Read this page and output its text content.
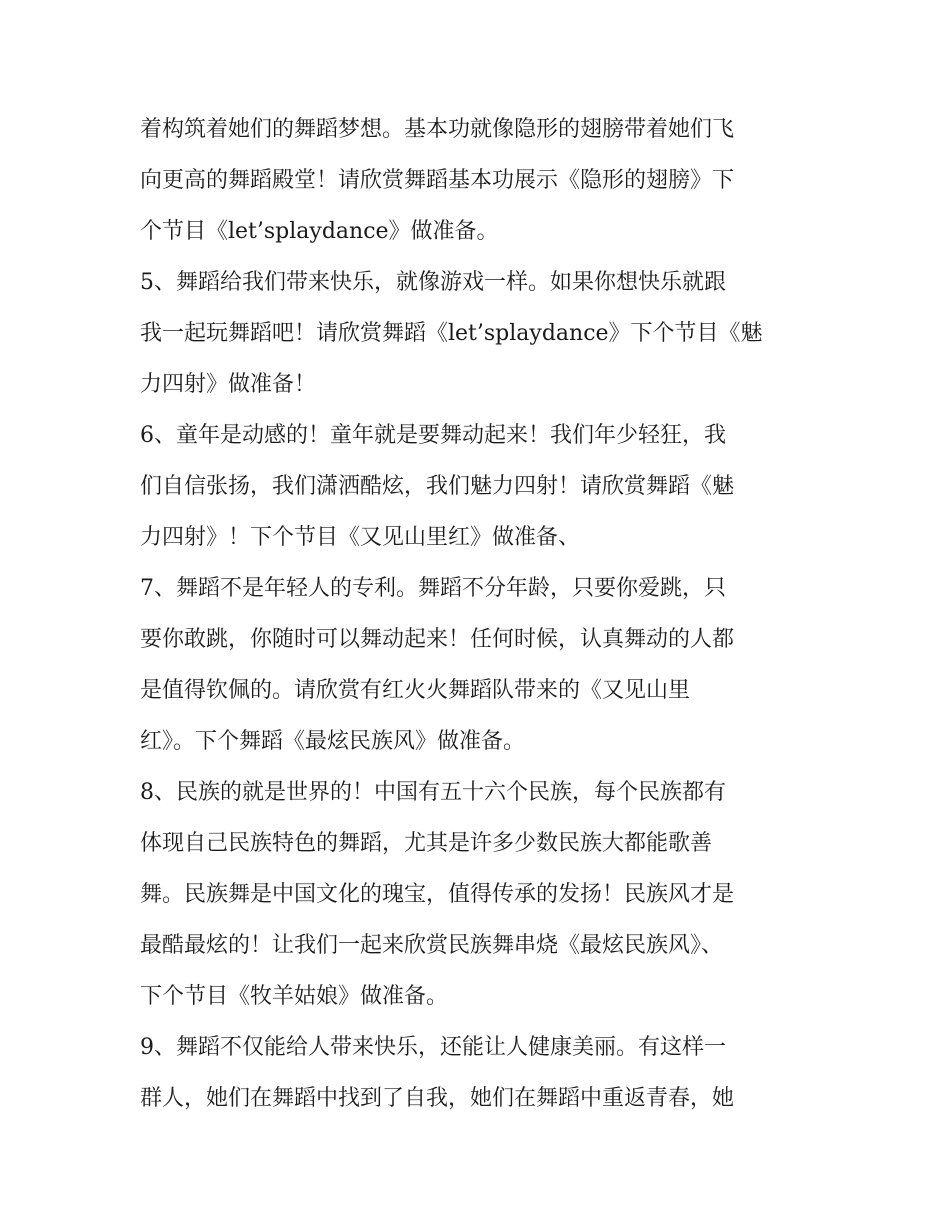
着构筑着她们的舞蹈梦想。基本功就像隐形的翅膀带着她们飞
向更高的舞蹈殿堂！请欣赏舞蹈基本功展示《隐形的翅膀》下
个节目《let’splaydance》做准备。
5、舞蹈给我们带来快乐，就像游戏一样。如果你想快乐就跟
我一起玩舞蹈吧！请欣赏舞蹈《let’splaydance》下个节目《魅
力四射》做准备！
6、童年是动感的！童年就是要舞动起来！我们年少轻狂，我
们自信张扬，我们潇洒酷炫，我们魅力四射！请欣赏舞蹈《魅
力四射》！下个节目《又见山里红》做准备、
7、舞蹈不是年轻人的专利。舞蹈不分年龄，只要你爱跳，只
要你敢跳，你随时可以舞动起来！任何时候，认真舞动的人都
是值得钦佩的。请欣赏有红火火舞蹈队带来的《又见山里
红》。下个舞蹈《最炫民族风》做准备。
8、民族的就是世界的！中国有五十六个民族，每个民族都有
体现自己民族特色的舞蹈，尤其是许多少数民族大都能歌善
舞。民族舞是中国文化的瑰宝，值得传承的发扬！民族风才是
最酷最炫的！让我们一起来欣赏民族舞串烧《最炫民族风》、
下个节目《牧羊姑娘》做准备。
9、舞蹈不仅能给人带来快乐，还能让人健康美丽。有这样一
群人，她们在舞蹈中找到了自我，她们在舞蹈中重返青春，她
